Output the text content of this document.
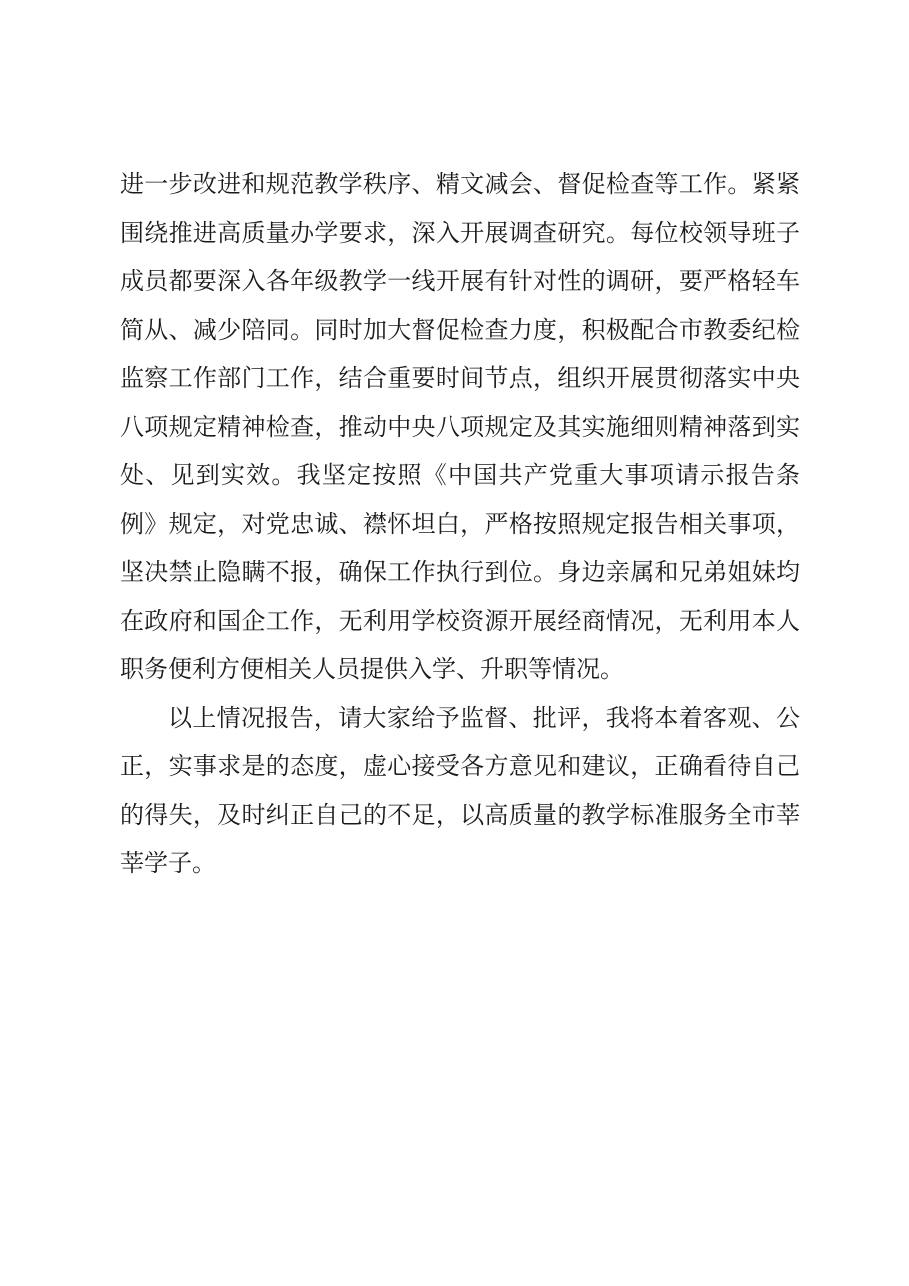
进一步改进和规范教学秩序、精文减会、督促检查等工作。紧紧围绕推进高质量办学要求，深入开展调查研究。每位校领导班子成员都要深入各年级教学一线开展有针对性的调研，要严格轻车简从、减少陪同。同时加大督促检查力度，积极配合市教委纪检监察工作部门工作，结合重要时间节点，组织开展贯彻落实中央八项规定精神检查，推动中央八项规定及其实施细则精神落到实处、见到实效。我坚定按照《中国共产党重大事项请示报告条例》规定，对党忠诚、襟怀坦白，严格按照规定报告相关事项，坚决禁止隐瞒不报，确保工作执行到位。身边亲属和兄弟姐妹均在政府和国企工作，无利用学校资源开展经商情况，无利用本人职务便利方便相关人员提供入学、升职等情况。

以上情况报告，请大家给予监督、批评，我将本着客观、公正，实事求是的态度，虚心接受各方意见和建议，正确看待自己的得失，及时纠正自己的不足，以高质量的教学标准服务全市莘莘学子。
